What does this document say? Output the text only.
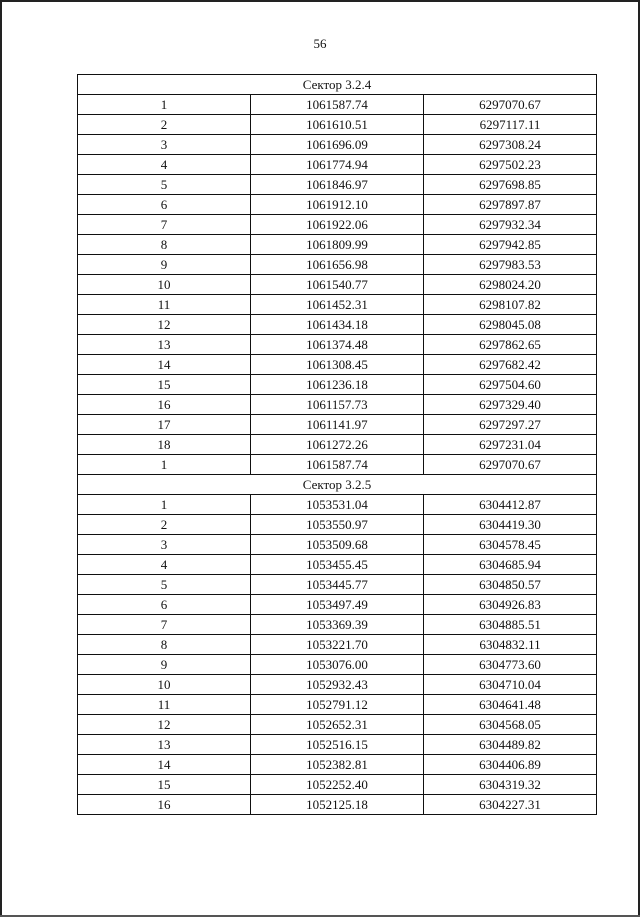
56
Сектор 3.2.4		
1	1061587.74	6297070.67
2	1061610.51	6297117.11
3	1061696.09	6297308.24
4	1061774.94	6297502.23
5	1061846.97	6297698.85
6	1061912.10	6297897.87
7	1061922.06	6297932.34
8	1061809.99	6297942.85
9	1061656.98	6297983.53
10	1061540.77	6298024.20
11	1061452.31	6298107.82
12	1061434.18	6298045.08
13	1061374.48	6297862.65
14	1061308.45	6297682.42
15	1061236.18	6297504.60
16	1061157.73	6297329.40
17	1061141.97	6297297.27
18	1061272.26	6297231.04
1	1061587.74	6297070.67
Сектор 3.2.5		
1	1053531.04	6304412.87
2	1053550.97	6304419.30
3	1053509.68	6304578.45
4	1053455.45	6304685.94
5	1053445.77	6304850.57
6	1053497.49	6304926.83
7	1053369.39	6304885.51
8	1053221.70	6304832.11
9	1053076.00	6304773.60
10	1052932.43	6304710.04
11	1052791.12	6304641.48
12	1052652.31	6304568.05
13	1052516.15	6304489.82
14	1052382.81	6304406.89
15	1052252.40	6304319.32
16	1052125.18	6304227.31
